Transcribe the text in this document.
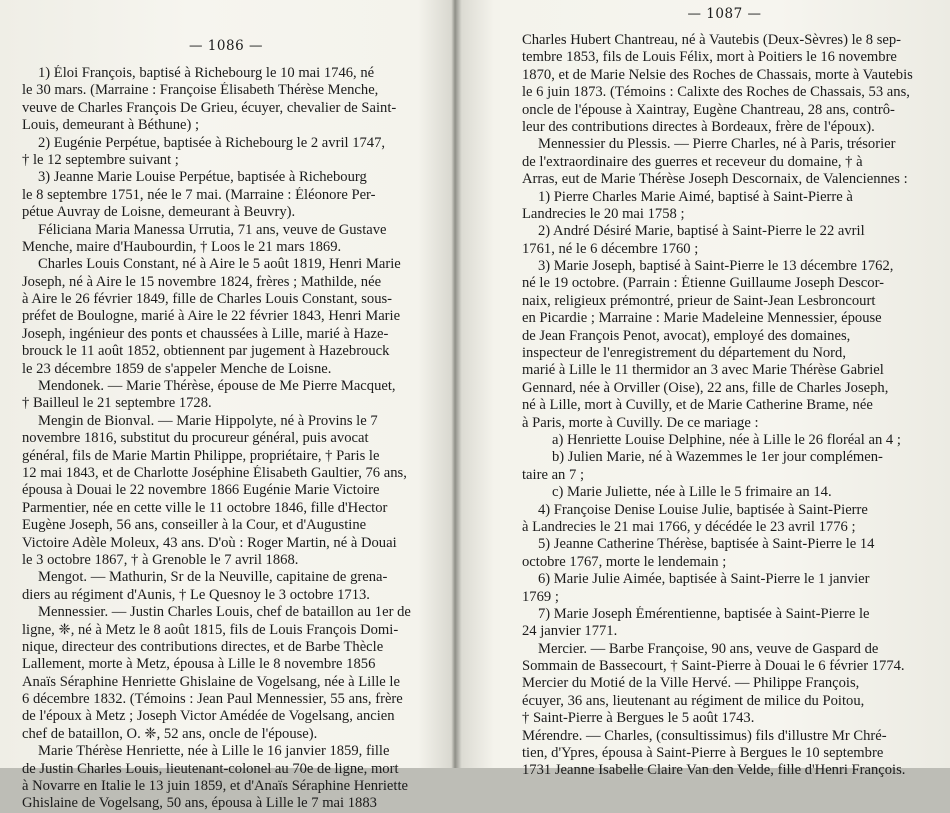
— 1086 —
1) Éloi François, baptisé à Richebourg le 10 mai 1746, né
le 30 mars. (Marraine : Françoise Élisabeth Thérèse Menche,
veuve de Charles François De Grieu, écuyer, chevalier de Saint-
Louis, demeurant à Béthune) ;
2) Eugénie Perpétue, baptisée à Richebourg le 2 avril 1747,
† le 12 septembre suivant ;
3) Jeanne Marie Louise Perpétue, baptisée à Richebourg
le 8 septembre 1751, née le 7 mai. (Marraine : Éléonore Per-
pétue Auvray de Loisne, demeurant à Beuvry).
Féliciana Maria Manessa Urrutia, 71 ans, veuve de Gustave
Menche, maire d'Haubourdin, † Loos le 21 mars 1869.
Charles Louis Constant, né à Aire le 5 août 1819, Henri Marie
Joseph, né à Aire le 15 novembre 1824, frères ; Mathilde, née
à Aire le 26 février 1849, fille de Charles Louis Constant, sous-
préfet de Boulogne, marié à Aire le 22 février 1843, Henri Marie
Joseph, ingénieur des ponts et chaussées à Lille, marié à Haze-
brouck le 11 août 1852, obtiennent par jugement à Hazebrouck
le 23 décembre 1859 de s'appeler Menche de Loisne.
Mendonek. — Marie Thérèse, épouse de Me Pierre Macquet,
† Bailleul le 21 septembre 1728.
Mengin de Bionval. — Marie Hippolyte, né à Provins le 7
novembre 1816, substitut du procureur général, puis avocat
général, fils de Marie Martin Philippe, propriétaire, † Paris le
12 mai 1843, et de Charlotte Joséphine Élisabeth Gaultier, 76 ans,
épousa à Douai le 22 novembre 1866 Eugénie Marie Victoire
Parmentier, née en cette ville le 11 octobre 1846, fille d'Hector
Eugène Joseph, 56 ans, conseiller à la Cour, et d'Augustine
Victoire Adèle Moleux, 43 ans. D'où : Roger Martin, né à Douai
le 3 octobre 1867, † à Grenoble le 7 avril 1868.
Mengot. — Mathurin, Sr de la Neuville, capitaine de grena-
diers au régiment d'Aunis, † Le Quesnoy le 3 octobre 1713.
Mennessier. — Justin Charles Louis, chef de bataillon au 1er de
ligne, ❈, né à Metz le 8 août 1815, fils de Louis François Domi-
nique, directeur des contributions directes, et de Barbe Thècle
Lallement, morte à Metz, épousa à Lille le 8 novembre 1856
Anaïs Séraphine Henriette Ghislaine de Vogelsang, née à Lille le
6 décembre 1832. (Témoins : Jean Paul Mennessier, 55 ans, frère
de l'époux à Metz ; Joseph Victor Amédée de Vogelsang, ancien
chef de bataillon, O. ❈, 52 ans, oncle de l'épouse).
Marie Thérèse Henriette, née à Lille le 16 janvier 1859, fille
de Justin Charles Louis, lieutenant-colonel au 70e de ligne, mort
à Novarre en Italie le 13 juin 1859, et d'Anaïs Séraphine Henriette
Ghislaine de Vogelsang, 50 ans, épousa à Lille le 7 mai 1883
— 1087 —
Charles Hubert Chantreau, né à Vautebis (Deux-Sèvres) le 8 sep-
tembre 1853, fils de Louis Félix, mort à Poitiers le 16 novembre
1870, et de Marie Nelsie des Roches de Chassais, morte à Vautebis
le 6 juin 1873. (Témoins : Calixte des Roches de Chassais, 53 ans,
oncle de l'épouse à Xaintray, Eugène Chantreau, 28 ans, contrô-
leur des contributions directes à Bordeaux, frère de l'époux).
Mennessier du Plessis. — Pierre Charles, né à Paris, trésorier
de l'extraordinaire des guerres et receveur du domaine, † à
Arras, eut de Marie Thérèse Joseph Descornaix, de Valenciennes :
1) Pierre Charles Marie Aimé, baptisé à Saint-Pierre à
Landrecies le 20 mai 1758 ;
2) André Désiré Marie, baptisé à Saint-Pierre le 22 avril
1761, né le 6 décembre 1760 ;
3) Marie Joseph, baptisé à Saint-Pierre le 13 décembre 1762,
né le 19 octobre. (Parrain : Étienne Guillaume Joseph Descor-
naix, religieux prémontré, prieur de Saint-Jean Lesbroncourt
en Picardie ; Marraine : Marie Madeleine Mennessier, épouse
de Jean François Penot, avocat), employé des domaines,
inspecteur de l'enregistrement du département du Nord,
marié à Lille le 11 thermidor an 3 avec Marie Thérèse Gabriel
Gennard, née à Orviller (Oise), 22 ans, fille de Charles Joseph,
né à Lille, mort à Cuvilly, et de Marie Catherine Brame, née
à Paris, morte à Cuvilly. De ce mariage :
a) Henriette Louise Delphine, née à Lille le 26 floréal an 4 ;
b) Julien Marie, né à Wazemmes le 1er jour complémen-
taire an 7 ;
c) Marie Juliette, née à Lille le 5 frimaire an 14.
4) Françoise Denise Louise Julie, baptisée à Saint-Pierre
à Landrecies le 21 mai 1766, y décédée le 23 avril 1776 ;
5) Jeanne Catherine Thérèse, baptisée à Saint-Pierre le 14
octobre 1767, morte le lendemain ;
6) Marie Julie Aimée, baptisée à Saint-Pierre le 1 janvier
1769 ;
7) Marie Joseph Émérentienne, baptisée à Saint-Pierre le
24 janvier 1771.
Mercier. — Barbe Françoise, 90 ans, veuve de Gaspard de
Sommain de Bassecourt, † Saint-Pierre à Douai le 6 février 1774.
Mercier du Motié de la Ville Hervé. — Philippe François,
écuyer, 36 ans, lieutenant au régiment de milice du Poitou,
† Saint-Pierre à Bergues le 5 août 1743.
Mérendre. — Charles, (consultissimus) fils d'illustre Mr Chré-
tien, d'Ypres, épousa à Saint-Pierre à Bergues le 10 septembre
1731 Jeanne Isabelle Claire Van den Velde, fille d'Henri François.
